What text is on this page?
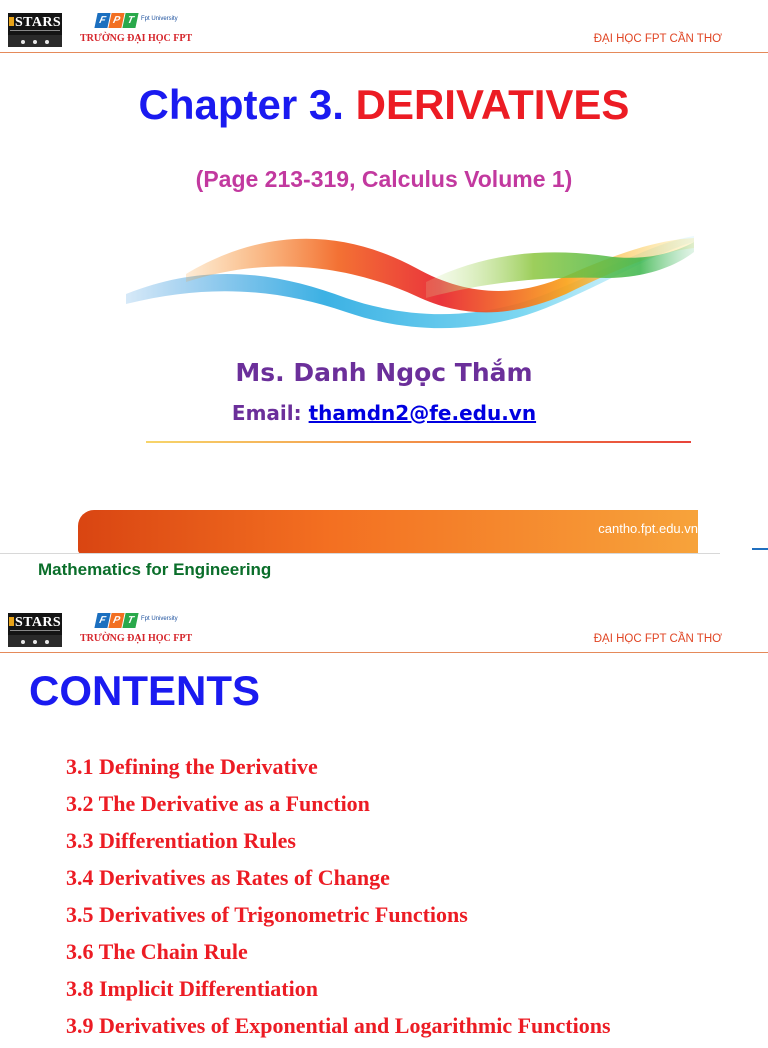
STARS	F P T	Fpt University
TRƯỜNG ĐẠI HỌC FPT	ĐẠI HỌC FPT CẦN THƠ
Chapter 3. DERIVATIVES
(Page 213-319, Calculus Volume 1)
Ms. Danh Ngọc Thắm
Email: thamdn2@fe.edu.vn
cantho.fpt.edu.vn
Mathematics for Engineering
STARS	F P T	Fpt University
TRƯỜNG ĐẠI HỌC FPT	ĐẠI HỌC FPT CẦN THƠ
CONTENTS
3.1 Defining the Derivative
3.2 The Derivative as a Function
3.3 Differentiation Rules
3.4 Derivatives as Rates of Change
3.5 Derivatives of Trigonometric Functions
3.6 The Chain Rule
3.8 Implicit Differentiation
3.9 Derivatives of Exponential and Logarithmic Functions
